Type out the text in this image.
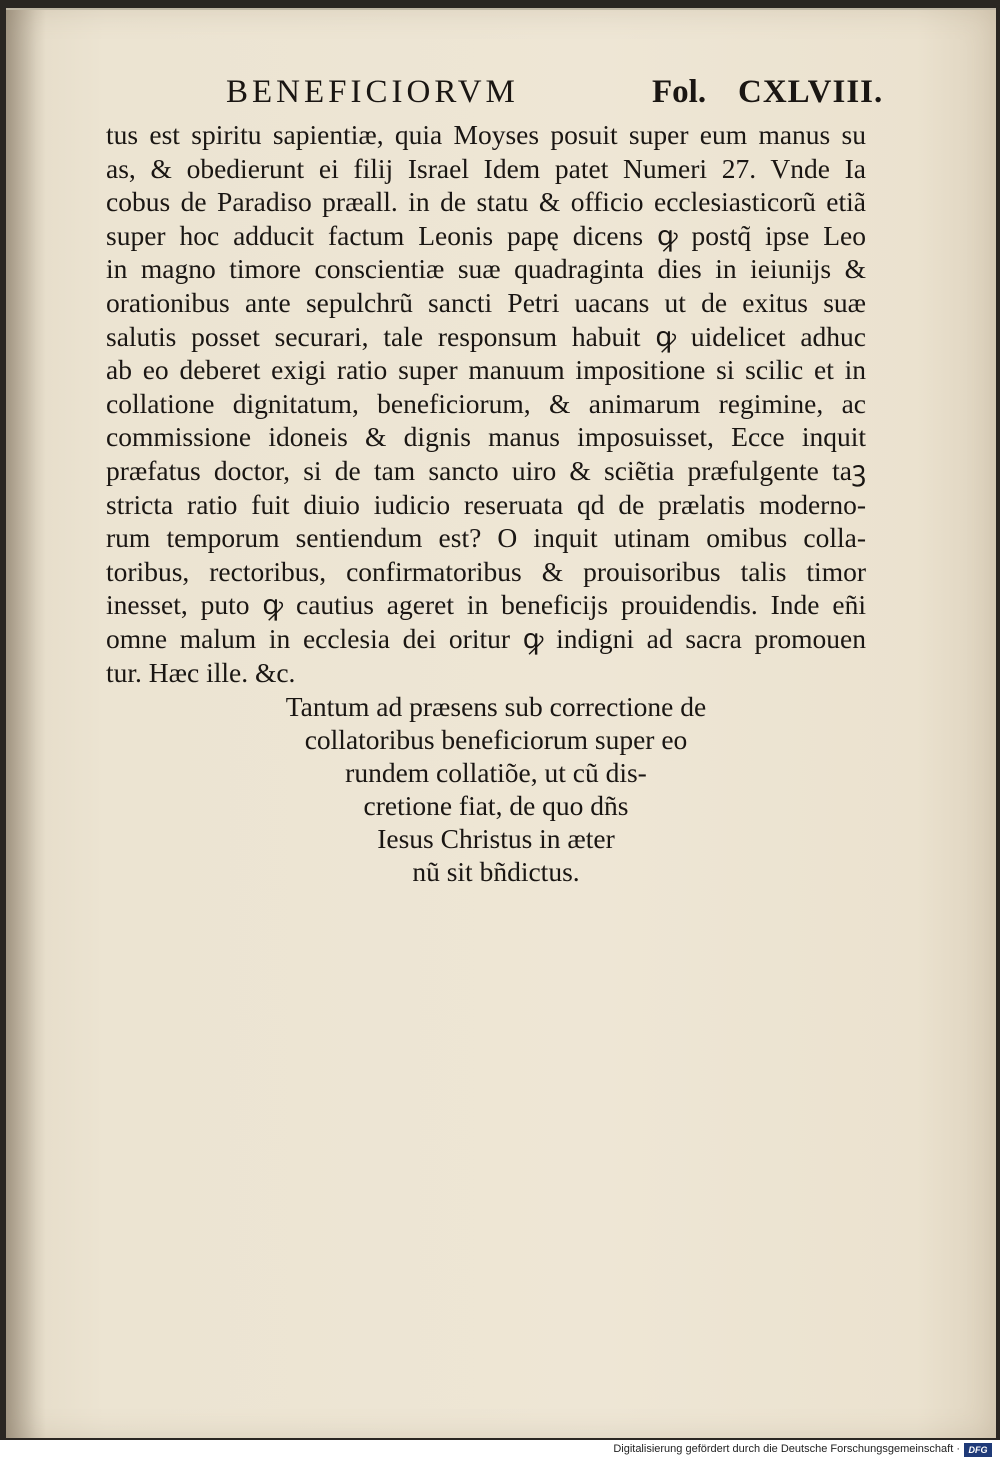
BENEFICIORVM	Fol. CXLVIII.
tus est spiritu sapientiæ, quia Moyses posuit super eum manus su
as, & obedierunt ei filij Israel Idem patet Numeri 27. Vnde Ia
cobus de Paradiso præall. in de statu & officio ecclesiasticorũ etiã
super hoc adducit factum Leonis papę dicens ꝙ postq̃ ipse Leo
in magno timore conscientiæ suæ quadraginta dies in ieiunijs &
orationibus ante sepulchrũ sancti Petri uacans ut de exitus suæ
salutis posset securari, tale responsum habuit ꝙ uidelicet adhuc
ab eo deberet exigi ratio super manuum impositione si scilic et in
collatione dignitatum, beneficiorum, & animarum regimine, ac
commissione idoneis & dignis manus imposuisset, Ecce inquit
præfatus doctor, si de tam sancto uiro & sciẽtia præfulgente taꝫ
stricta ratio fuit diuio iudicio reseruata qd de prælatis moderno-
rum temporum sentiendum est? O inquit utinam omibus colla-
toribus, rectoribus, confirmatoribus & prouisoribus talis timor
inesset, puto ꝙ cautius ageret in beneficijs prouidendis. Inde eñi
omne malum in ecclesia dei oritur ꝙ indigni ad sacra promouen
tur. Hæc ille. &c.
Tantum ad præsens sub correctione de
collatoribus beneficiorum super eo
rundem collatiõe, ut cũ dis-
cretione fiat, de quo dñs
Iesus Christus in æter
nũ sit bñdictus.
Digitalisierung gefördert durch die Deutsche Forschungsgemeinschaft · DFG
